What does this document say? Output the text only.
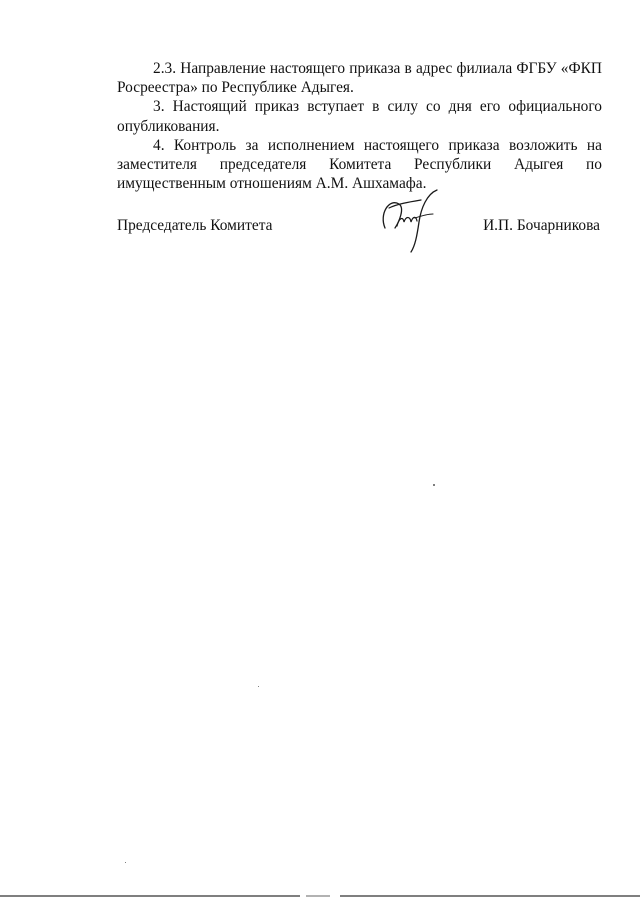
2.3. Направление настоящего приказа в адрес филиала ФГБУ «ФКП Росреестра» по Республике Адыгея.

3. Настоящий приказ вступает в силу со дня его официального опубликования.

4. Контроль за исполнением настоящего приказа возложить на заместителя председателя Комитета Республики Адыгея по имущественным отношениям А.М. Ашхамафа.

Председатель Комитета	И.П. Бочарникова
